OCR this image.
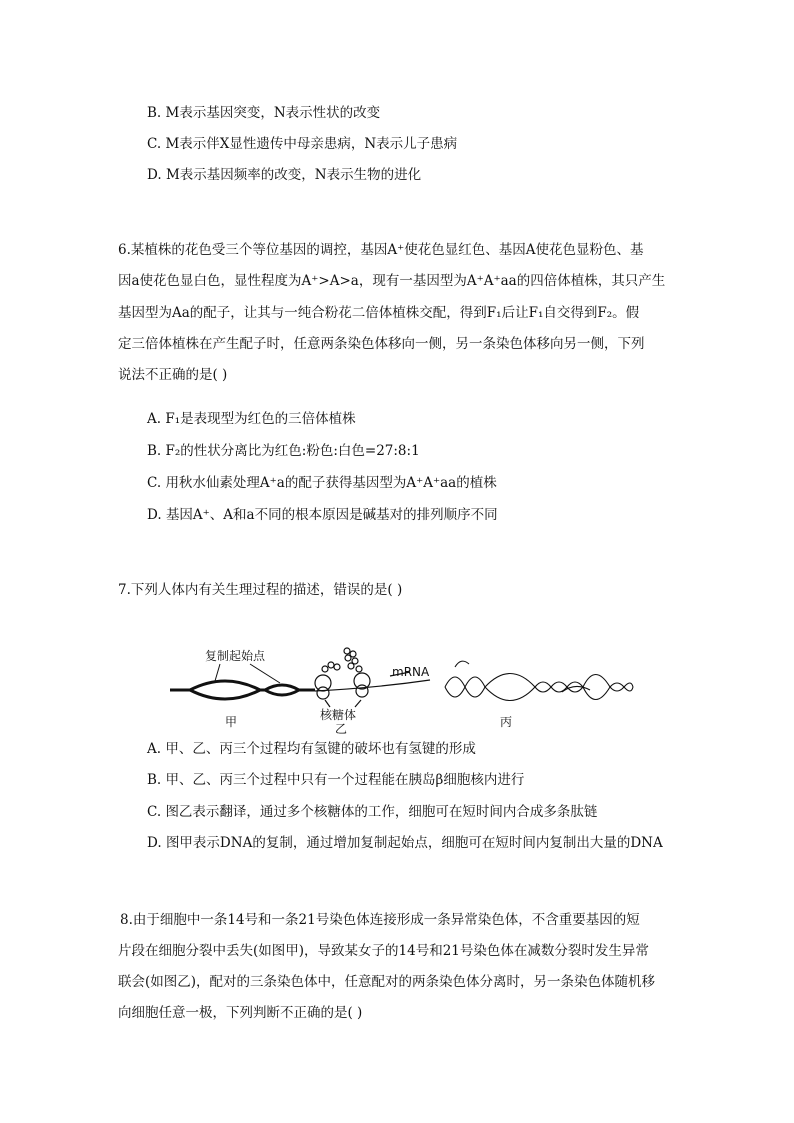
B. M表示基因突变，N表示性状的改变
C. M表示伴X显性遗传中母亲患病，N表示儿子患病
D. M表示基因频率的改变，N表示生物的进化
6.某植株的花色受三个等位基因的调控，基因A⁺使花色显红色、基因A使花色显粉色、基
因a使花色显白色，显性程度为A⁺>A>a，现有一基因型为A⁺A⁺aa的四倍体植株，其只产生
基因型为Aa的配子，让其与一纯合粉花二倍体植株交配，得到F₁后让F₁自交得到F₂。假
定三倍体植株在产生配子时，任意两条染色体移向一侧，另一条染色体移向另一侧，下列
说法不正确的是( )
A. F₁是表现型为红色的三倍体植株
B. F₂的性状分离比为红色:粉色:白色=27:8:1
C. 用秋水仙素处理A⁺a的配子获得基因型为A⁺A⁺aa的植株
D. 基因A⁺、A和a不同的根本原因是碱基对的排列顺序不同
7.下列人体内有关生理过程的描述，错误的是( )
复制起始点
甲
mRNA
核糖体
乙	丙
A. 甲、乙、丙三个过程均有氢键的破坏也有氢键的形成
B. 甲、乙、丙三个过程中只有一个过程能在胰岛β细胞核内进行
C. 图乙表示翻译，通过多个核糖体的工作，细胞可在短时间内合成多条肽链
D. 图甲表示DNA的复制，通过增加复制起始点，细胞可在短时间内复制出大量的DNA
8.由于细胞中一条14号和一条21号染色体连接形成一条异常染色体，不含重要基因的短
片段在细胞分裂中丢失(如图甲)，导致某女子的14号和21号染色体在减数分裂时发生异常
联会(如图乙)，配对的三条染色体中，任意配对的两条染色体分离时，另一条染色体随机移
向细胞任意一极，下列判断不正确的是( )
